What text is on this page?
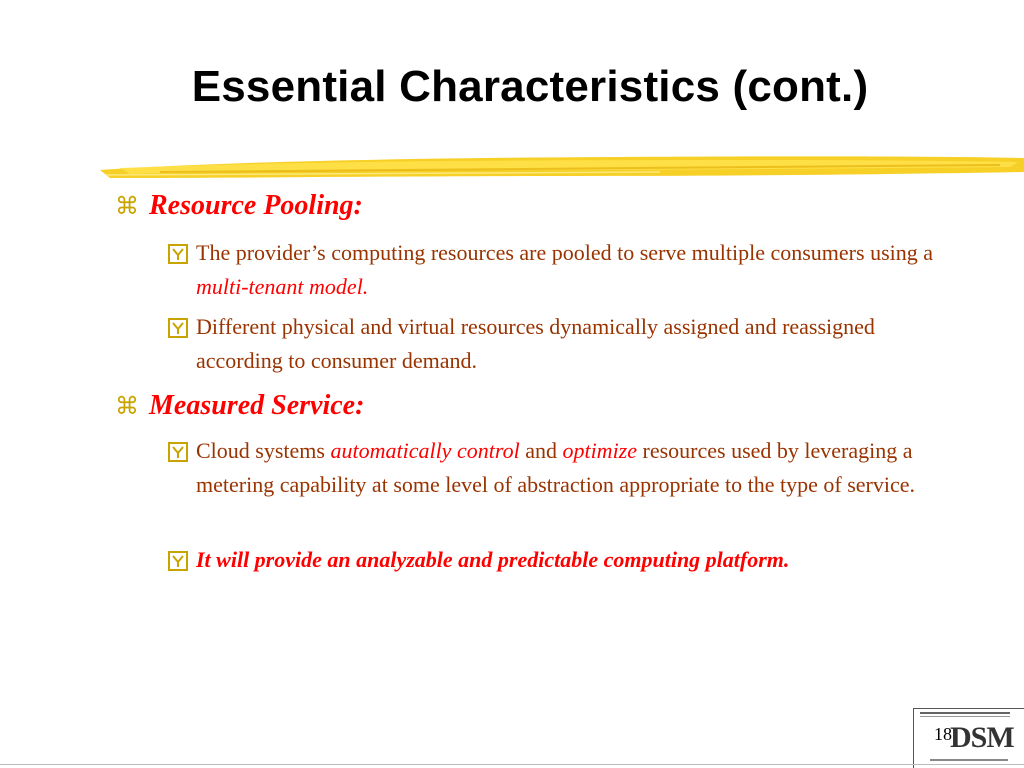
Essential Characteristics (cont.)
⌘ Resource Pooling:
The provider’s computing resources are pooled to serve multiple consumers using a multi-tenant model.
Different physical and virtual resources dynamically assigned and reassigned according to consumer demand.
⌘ Measured Service:
Cloud systems automatically control and optimize resources used by leveraging a metering capability at some level of abstraction appropriate to the type of service.
It will provide an analyzable and predictable computing platform.
DSM
18
